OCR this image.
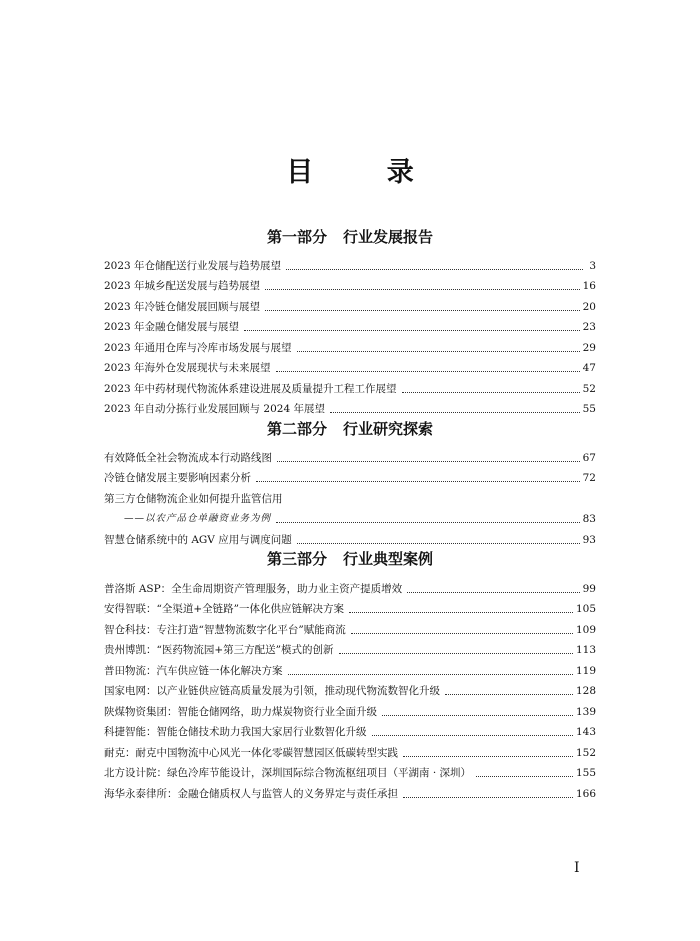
目 录
第一部分 行业发展报告
2023 年仓储配送行业发展与趋势展望	3
2023 年城乡配送发展与趋势展望	16
2023 年冷链仓储发展回顾与展望	20
2023 年金融仓储发展与展望	23
2023 年通用仓库与冷库市场发展与展望	29
2023 年海外仓发展现状与未来展望	47
2023 年中药材现代物流体系建设进展及质量提升工程工作展望	52
2023 年自动分拣行业发展回顾与 2024 年展望	55
第二部分 行业研究探索
有效降低全社会物流成本行动路线图	67
冷链仓储发展主要影响因素分析	72
第三方仓储物流企业如何提升监管信用
——以农产品仓单融资业务为例	83
智慧仓储系统中的 AGV 应用与调度问题	93
第三部分 行业典型案例
普洛斯 ASP：全生命周期资产管理服务，助力业主资产提质增效	99
安得智联：“全渠道+全链路”一体化供应链解决方案	105
智仓科技：专注打造“智慧物流数字化平台”赋能商流	109
贵州博凯：“医药物流园+第三方配送”模式的创新	113
普田物流：汽车供应链一体化解决方案	119
国家电网：以产业链供应链高质量发展为引领，推动现代物流数智化升级	128
陕煤物资集团：智能仓储网络，助力煤炭物资行业全面升级	139
科捷智能：智能仓储技术助力我国大家居行业数智化升级	143
耐克：耐克中国物流中心风光一体化零碳智慧园区低碳转型实践	152
北方设计院：绿色冷库节能设计，深圳国际综合物流枢纽项目（平湖南 · 深圳）	155
海华永泰律所：金融仓储质权人与监管人的义务界定与责任承担	166
I
